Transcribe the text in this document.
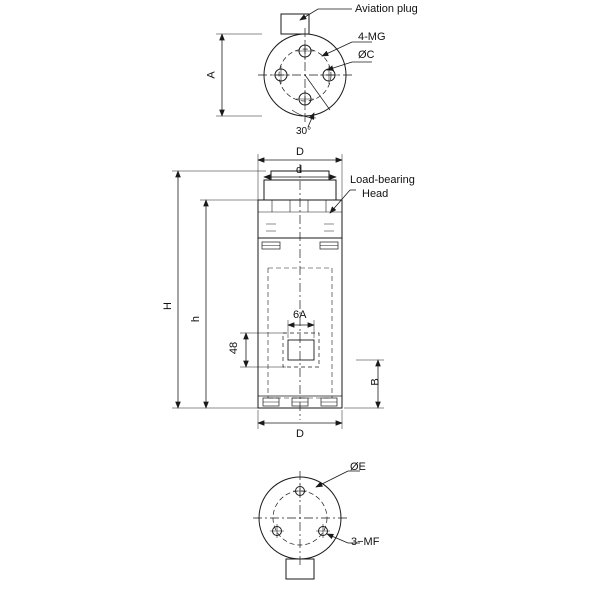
Aviation plug
4-MG
ØC
30°
A
D
d
Load-bearing
Head
H
h
48
6A
B
D
ØE
3−MF
